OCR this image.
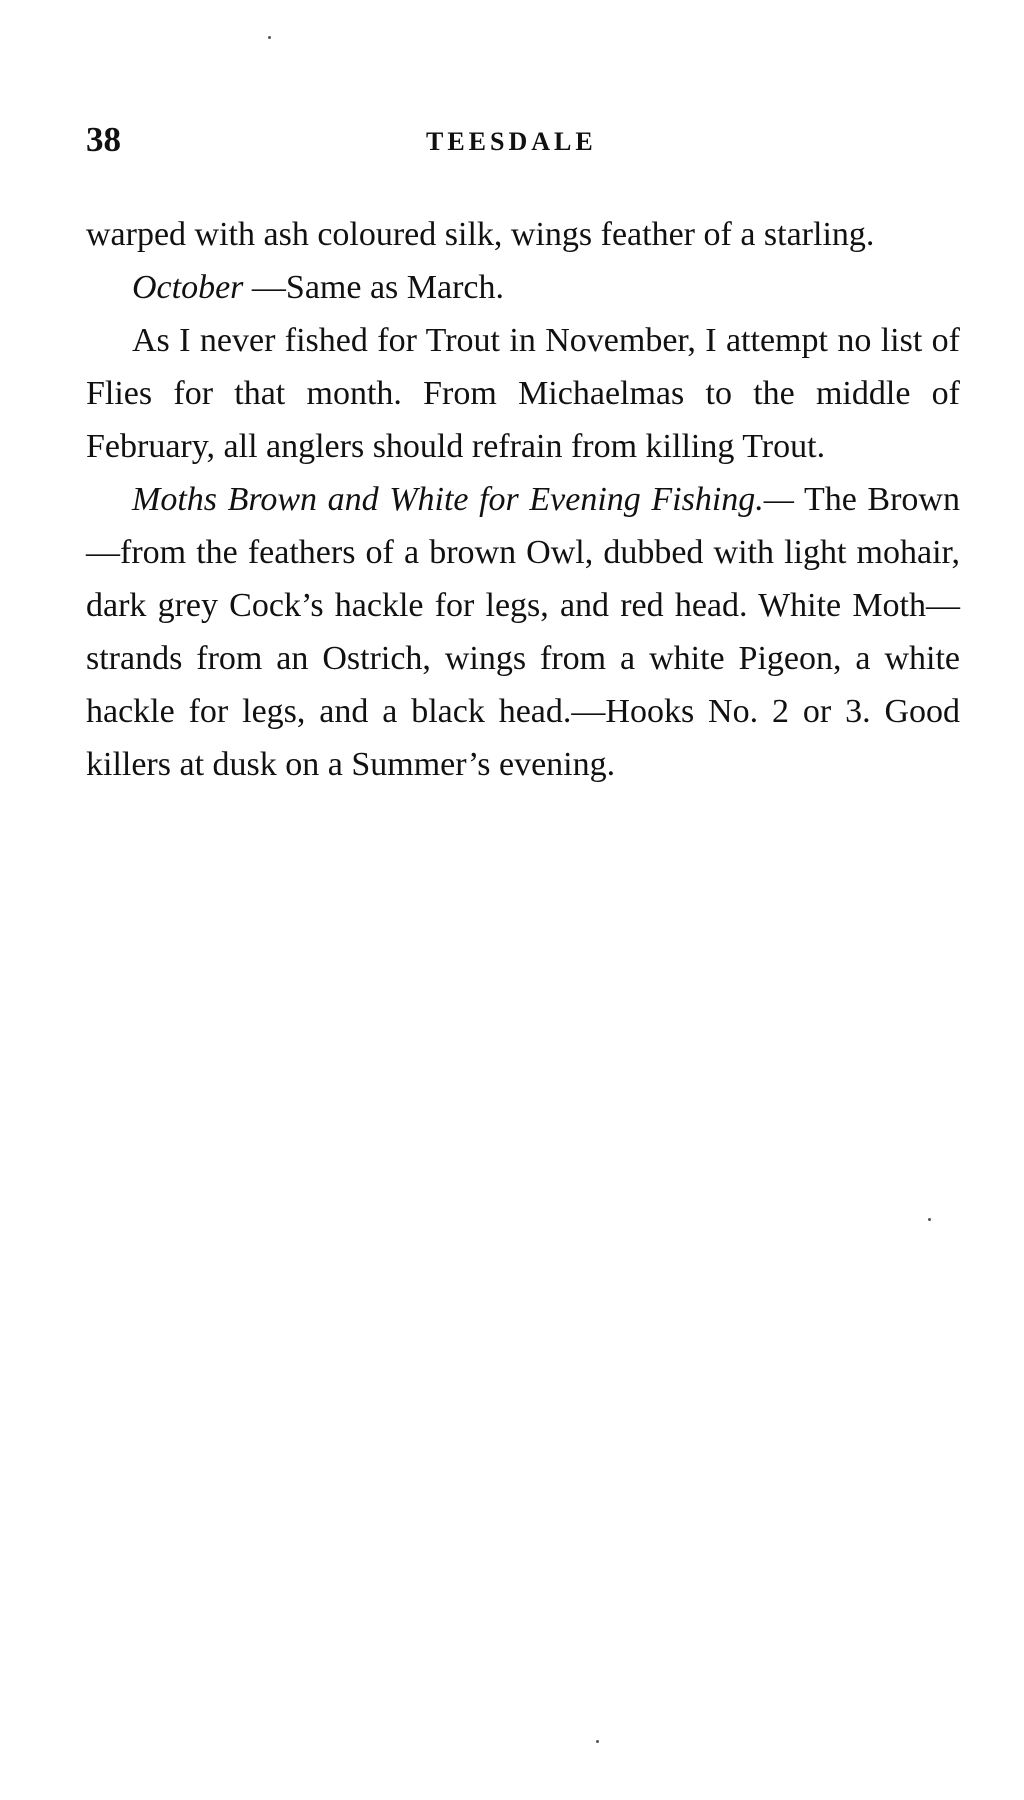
38	TEESDALE

warped with ash coloured silk, wings feather of a starling.

October —Same as March.

As I never fished for Trout in November, I attempt no list of Flies for that month. From Michaelmas to the middle of February, all anglers should refrain from killing Trout.

Moths Brown and White for Evening Fishing.— The Brown—from the feathers of a brown Owl, dubbed with light mohair, dark grey Cock’s hackle for legs, and red head. White Moth—strands from an Ostrich, wings from a white Pigeon, a white hackle for legs, and a black head.—Hooks No. 2 or 3. Good killers at dusk on a Summer’s evening.
